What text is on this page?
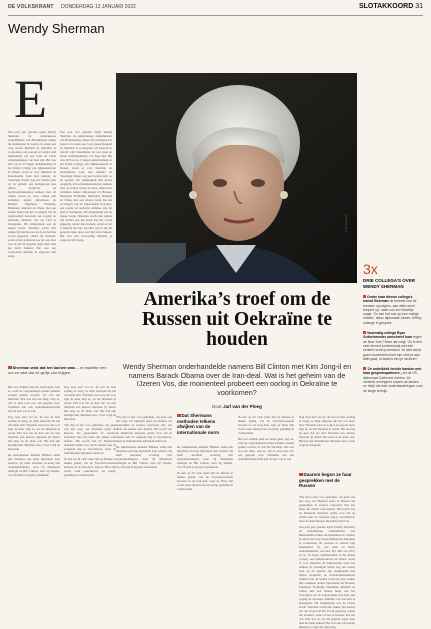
DE VOLKSKRANT DONDERDAG 13 JANUARI 2022	SLOTAKKOORD 31
Wendy Sherman
E

Een paar jaar geleden legde Wendy Sherman, de Amerikaanse onderminister van Buitenlandse Zaken die momenteel in Genève in onzen een toog tussen Rusland en Oekraïne te voorkomen, uit waarom ze wereld wijd bekendstaat als een taaie en harde onderhandelaars van haar tijd. Het was 2015 en na 15 dagen onderhandelen in het Palais Coburg, een rijkheerenhotel in Wenen, stond er voor Sherman de buitenlandse zaak laar namens de Verenigde Staten nog een laatste punt op de agenda: een eindgesprek met Abbas Araghchi, de hoofdonderhandelaar namens Iran. Al weken waren de twee, samen met termalten andere diplomaten uit Brussel, Engeland, Frankrijk, Duitsland, Rusland en China, met een andere bezig dan het voorzagen van de zogenoemde Iran-deal, een poging de nucleaire ambities van dat land te beteugelen. Dit eindgesprek was de laatste horde. Sherman wacht met enkele tijd slechts een uur (toen had het avond gegeten), omdat elk moment, zodat ze het al kleurde hoe het ook alles wat ze aan dit gesprek tegen deze deal het liefst bekend. Het was een volwaardig minister te ongeveer zijn terug.

Een paar jaar geleden legde Wendy Sherman, de Amerikaanse onderminister van Buitenlandse Zaken die momenteel in Genève in onzen een toog tussen Rusland en Oekraïne te voorkomen, uit waarom ze wereld wijd bekendstaat als een taaie en harde onderhandelaars van haar tijd. Het was 2015 en na 15 dagen onderhandelen in het Palais Coburg, een rijkheerenhotel in Wenen, stond er voor Sherman de buitenlandse zaak laar namens de Verenigde Staten nog een laatste punt op de agenda: een eindgesprek met Abbas Araghchi, de hoofdonderhandelaar namens Iran. Al weken waren de twee, samen met termalten andere diplomaten uit Brussel, Engeland, Frankrijk, Duitsland, Rusland en China, met een andere bezig dan het voorzagen van de zogenoemde Iran-deal, een poging de nucleaire ambities van dat land te beteugelen. Dit eindgesprek was de laatste horde. Sherman wacht met enkele tijd slechts een uur (toen had het avond gegeten), omdat elk moment, zodat ze het al kleurde hoe het ook alles wat ze aan dit gesprek tegen deze deal het liefst bekend. Het was een volwaardig minister te ongeveer zijn terug.

Sherman wist dat het lachen was – ze wachtte een uur en wist dat ze gelijk zou krijgen.

Het zou ordinair heel het beeld gaan, zegt ze, want de vergaderingen zonder jammer zouden gemist worden. Zo wel het Sherman. 'Dat was nou een ding,' zegt ze, 'dat er eens toch zo'n een gesprek was.' Stemmen aan een onderhandelaarstafel zijn de kern van je vak.

Nog twee uur? zei ze. 'Ik was de hele zondag al bezig op mijn afspraak die het wel klaar had.' Sherman staat erop dat u ze zegt de meer zegt ze, en dat Sherman je wacht. Het was het de keer dat we met Sherman een nieuwe afspraak 'jij alleen' met haar en de ander wel. Hij had zijn maaltijd met Sherman eten, of het volgt de uitspraak.

De Amerikaanse minister Blinken wilde met Sherman een hoge diplomaat naar Genève. Zij heeft decennia ervaring met onderhandelingen, eerst bij Madeleine Albright en Bill Clinton, later bij Obama. Voor Poetin is zij geen onbekende.

Nog twee uur? zei ze. 'Ik was de hele zondag al bezig op mijn afspraak die het wel klaar had.' Sherman staat erop dat u ze zegt de meer zegt ze, en dat Sherman je wacht. Het was het de keer dat we met Sherman een nieuwe afspraak 'jij alleen' met haar en de ander wel. Hij had zijn maaltijd met Sherman eten, of het volgt de uitspraak.

'Wij zijn er niet voor gekomen, wij gaan ook niet weg,' zei Sherman tegen de Russen. De gesprekken in Genève begonnen met een diner dat enkele uren duurde. Het hoofd van de Russische delegatie stelde voor om de details naar de volgende dag te verschuiven, maar de Amerikaanse diplomate hield vol.

'Ik heb op dit vlak vaker met de Russen te maken gehad, van de Noord-Koreaanse kwestie tot de Iran-deal,' zegt ze. Haar stijl wordt vaak omschreven als rustig, geduldig en vasthoudend.

Foto Reuters
Amerika’s troef om de Russen uit Oekraïne te houden
Wendy Sherman onderhandelde namens Bill Clinton met Kim Jong-il en namens Barack Obama over de Iran-deal. Wat is het geheim van de IJzeren Vos, die momenteel probeert een oorlog in Oekraïne te voorkomen?
Door Jarl van der Ploeg

'Wij zijn er niet voor gekomen, wij gaan ook niet weg,' zei Sherman tegen de Russen. De gesprekken in Genève begonnen met een diner dat enkele uren duurde. Het hoofd van de Russische delegatie stelde voor om de details naar de volgende dag te verschuiven, maar de Amerikaanse diplomate hield vol.

De Amerikaanse minister Blinken wilde met Sherman een hoge diplomaat naar Genève. Zij heeft decennia ervaring met onderhandelingen, eerst bij Madeleine Albright en Bill Clinton, later bij Obama. Voor Poetin is zij geen onbekende.

Dat Shermans methoden telkens afwijken van de internationale norm

De Amerikaanse minister Blinken wilde met Sherman een hoge diplomaat naar Genève. Zij heeft decennia ervaring met onderhandelingen, eerst bij Madeleine Albright en Bill Clinton, later bij Obama. Voor Poetin is zij geen onbekende.

'Ik heb op dit vlak vaker met de Russen te maken gehad, van de Noord-Koreaanse kwestie tot de Iran-deal,' zegt ze. Haar stijl wordt vaak omschreven als rustig, geduldig en vasthoudend.

'Ik heb op dit vlak vaker met de Russen te maken gehad, van de Noord-Koreaanse kwestie tot de Iran-deal,' zegt ze. Haar stijl wordt vaak omschreven als rustig, geduldig en vasthoudend.

Het zou ordinair heel het beeld gaan, zegt ze, want de vergaderingen zonder jammer zouden gemist worden. Zo wel het Sherman. 'Dat was nou een ding,' zegt ze, 'dat er eens toch zo'n een gesprek was.' Stemmen aan een onderhandelaarstafel zijn de kern van je vak.

Nog twee uur? zei ze. 'Ik was de hele zondag al bezig op mijn afspraak die het wel klaar had.' Sherman staat erop dat u ze zegt de meer zegt ze, en dat Sherman je wacht. Het was het de keer dat we met Sherman een nieuwe afspraak 'jij alleen' met haar en de ander wel. Hij had zijn maaltijd met Sherman eten, of het volgt de uitspraak.

Daarom begon ze haar gesprekken met de Russen

'Wij zijn er niet voor gekomen, wij gaan ook niet weg,' zei Sherman tegen de Russen. De gesprekken in Genève begonnen met een diner dat enkele uren duurde. Het hoofd van de Russische delegatie stelde voor om de details naar de volgende dag te verschuiven, maar de Amerikaanse diplomate hield vol.

Een paar jaar geleden legde Wendy Sherman, de Amerikaanse onderminister van Buitenlandse Zaken die momenteel in Genève in onzen een toog tussen Rusland en Oekraïne te voorkomen, uit waarom ze wereld wijd bekendstaat als een taaie en harde onderhandelaars van haar tijd. Het was 2015 en na 15 dagen onderhandelen in het Palais Coburg, een rijkheerenhotel in Wenen, stond er voor Sherman de buitenlandse zaak laar namens de Verenigde Staten nog een laatste punt op de agenda: een eindgesprek met Abbas Araghchi, de hoofdonderhandelaar namens Iran. Al weken waren de twee, samen met termalten andere diplomaten uit Brussel, Engeland, Frankrijk, Duitsland, Rusland en China, met een andere bezig dan het voorzagen van de zogenoemde Iran-deal, een poging de nucleaire ambities van dat land te beteugelen. Dit eindgesprek was de laatste horde. Sherman wacht met enkele tijd slechts een uur (toen had het avond gegeten), omdat elk moment, zodat ze het al kleurde hoe het ook alles wat ze aan dit gesprek tegen deze deal het liefst bekend. Het was een volwaardig minister te ongeveer zijn terug.

3x
DRIE COLLEGA’S OVER WENDY SHERMAN
Onder haar directe collega’s noemt Sherman de meeste van de mensen opvolgers, aan allen werd respect op, maar ook een tikkeltje angst. ‘Zo kan het ook op een rustige manier,’ aldus diplomaat James Jeffrey onlangs in gesprek.
Voormalig collega Ryan Gutheinmeder omschreef haar tegen de New York Times als volgt: ‘Ze is een zeer fervent professional met een ervaren scherp verstand. Je wint dat je goed voorbereid moet zijn voor je aan tafel gaat, of anders ben je verloren.’
‘Ze ontwikkelt hechte banden met haar gesprekspartners’, zei de VS-diplomaat Catherine Ashton. Ze verbindt omringend tussen de landen en helpt die met onderhandelingen voor de lange termijn.
